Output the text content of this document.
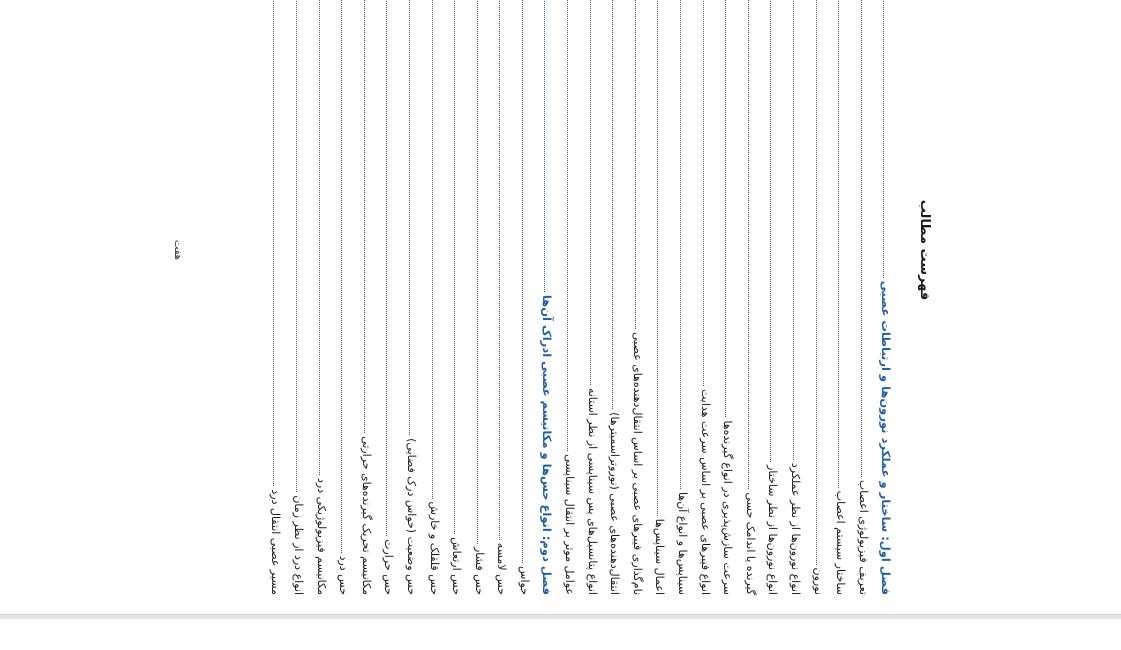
فهرست مطالب
فصل اول: ساختار و عملکرد نورون‌ها و ارتباطات عصبی
تعریف فیزیولوژی اعصاب
ساختار سیستم اعصاب
نورون
انواع نورون‌ها از نظر عملکرد
انواع نورون‌ها از نظر ساختار
گیرنده یا اندامک حسی
سرعت سازش‌پذیری در انواع گیرنده‌ها
انواع فیبرهای عصبی بر اساس سرعت هدایت
سیناپس‌ها و انواع آن‌ها
اعمال سیناپس‌ها
نام‌گذاری فیبرهای عصبی بر اساس انتقال‌دهنده‌های عصبی
انتقال‌دهنده‌های عصبی (نوروتراسمیترها)
انواع پتانسیل‌های پس سیناپسی از نظر استانه
عوامل موثر بر انتقال سیناپسی
فصل دوم: انواع حس‌ها و مکانیسم عصبی ادراک آن‌ها
حواس
حس لامسه
حس فشار
حس ارتعاش
حس قلقلک و خارش
حس وضعیت (حواس درک فضایی)
حس حرارت
مکانیسم تحریک گیرنده‌های حرارتی
حس درد
مکانیسم فیزیولوژیکی درد
انواع درد از نظر زمان
مسیر عصبی انتقال درد
هفت
